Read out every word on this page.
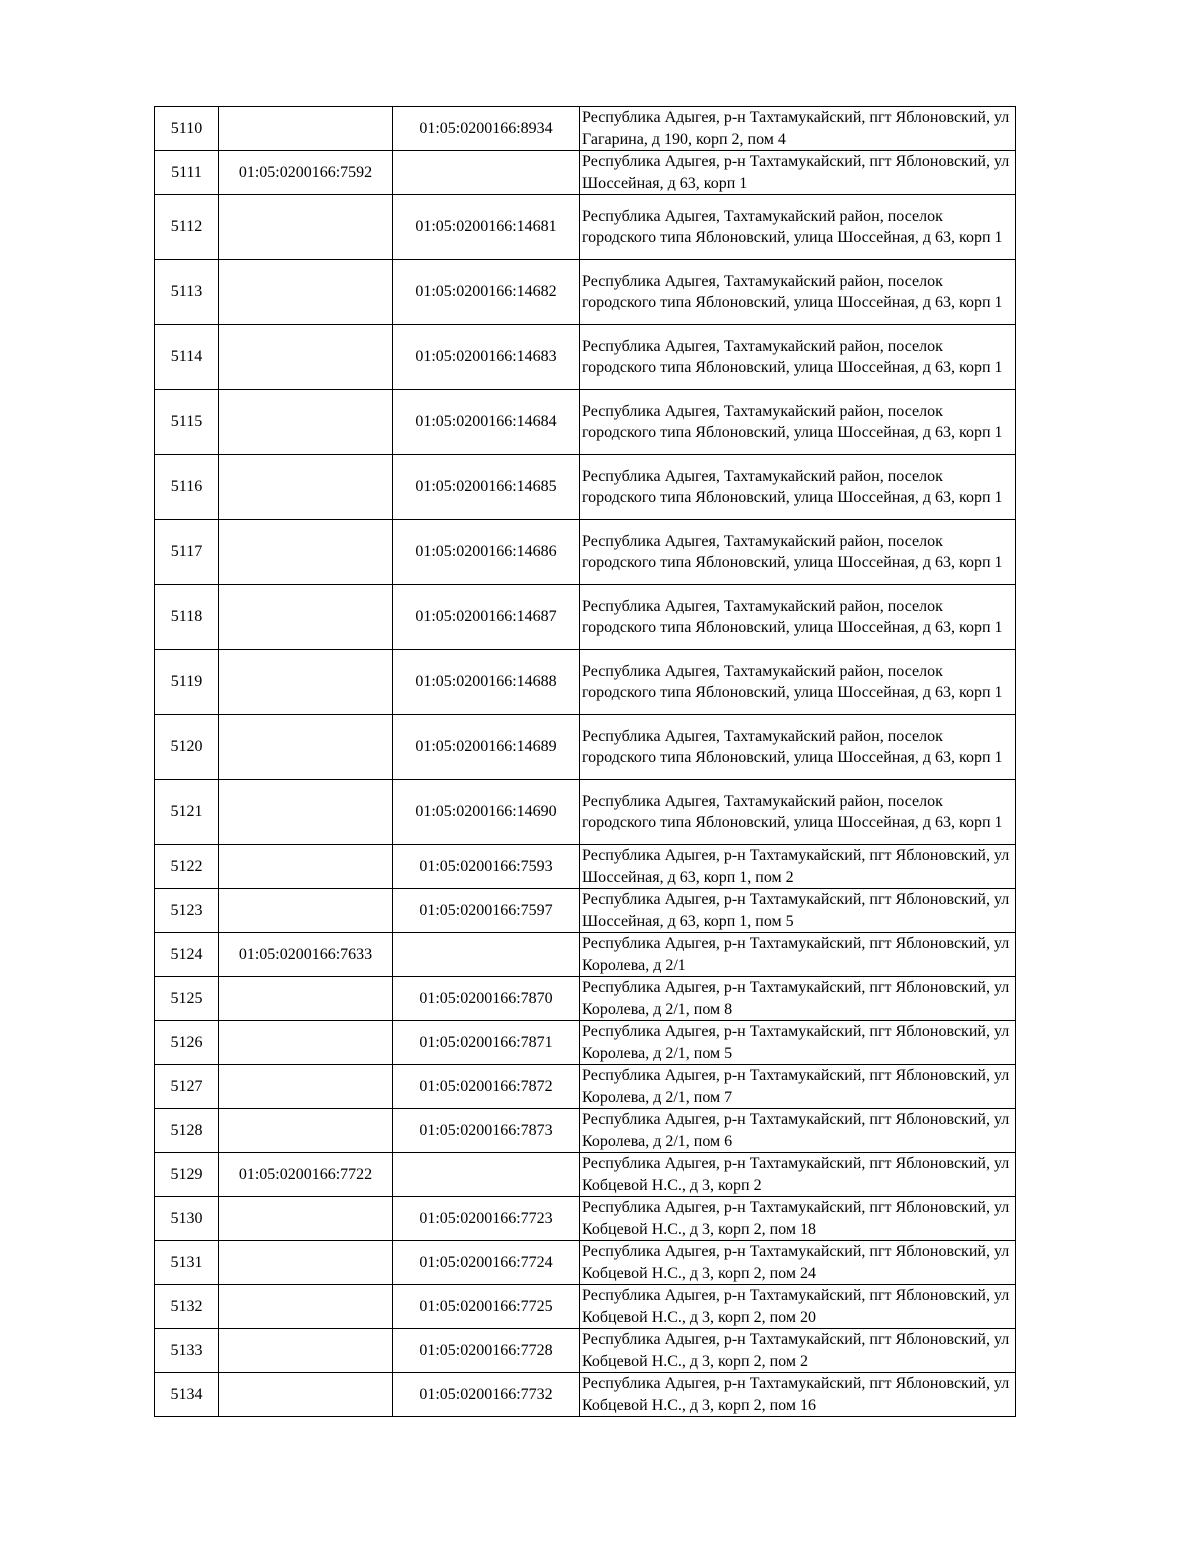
5110		01:05:0200166:8934	Республика Адыгея, р-н Тахтамукайский, пгт Яблоновский, ул Гагарина, д 190, корп 2, пом 4
5111	01:05:0200166:7592		Республика Адыгея, р-н Тахтамукайский, пгт Яблоновский, ул Шоссейная, д 63, корп 1
5112		01:05:0200166:14681	Республика Адыгея, Тахтамукайский район, поселок городского типа Яблоновский, улица Шоссейная, д 63, корп 1
5113		01:05:0200166:14682	Республика Адыгея, Тахтамукайский район, поселок городского типа Яблоновский, улица Шоссейная, д 63, корп 1
5114		01:05:0200166:14683	Республика Адыгея, Тахтамукайский район, поселок городского типа Яблоновский, улица Шоссейная, д 63, корп 1
5115		01:05:0200166:14684	Республика Адыгея, Тахтамукайский район, поселок городского типа Яблоновский, улица Шоссейная, д 63, корп 1
5116		01:05:0200166:14685	Республика Адыгея, Тахтамукайский район, поселок городского типа Яблоновский, улица Шоссейная, д 63, корп 1
5117		01:05:0200166:14686	Республика Адыгея, Тахтамукайский район, поселок городского типа Яблоновский, улица Шоссейная, д 63, корп 1
5118		01:05:0200166:14687	Республика Адыгея, Тахтамукайский район, поселок городского типа Яблоновский, улица Шоссейная, д 63, корп 1
5119		01:05:0200166:14688	Республика Адыгея, Тахтамукайский район, поселок городского типа Яблоновский, улица Шоссейная, д 63, корп 1
5120		01:05:0200166:14689	Республика Адыгея, Тахтамукайский район, поселок городского типа Яблоновский, улица Шоссейная, д 63, корп 1
5121		01:05:0200166:14690	Республика Адыгея, Тахтамукайский район, поселок городского типа Яблоновский, улица Шоссейная, д 63, корп 1
5122		01:05:0200166:7593	Республика Адыгея, р-н Тахтамукайский, пгт Яблоновский, ул Шоссейная, д 63, корп 1, пом 2
5123		01:05:0200166:7597	Республика Адыгея, р-н Тахтамукайский, пгт Яблоновский, ул Шоссейная, д 63, корп 1, пом 5
5124	01:05:0200166:7633		Республика Адыгея, р-н Тахтамукайский, пгт Яблоновский, ул Королева, д 2/1
5125		01:05:0200166:7870	Республика Адыгея, р-н Тахтамукайский, пгт Яблоновский, ул Королева, д 2/1, пом 8
5126		01:05:0200166:7871	Республика Адыгея, р-н Тахтамукайский, пгт Яблоновский, ул Королева, д 2/1, пом 5
5127		01:05:0200166:7872	Республика Адыгея, р-н Тахтамукайский, пгт Яблоновский, ул Королева, д 2/1, пом 7
5128		01:05:0200166:7873	Республика Адыгея, р-н Тахтамукайский, пгт Яблоновский, ул Королева, д 2/1, пом 6
5129	01:05:0200166:7722		Республика Адыгея, р-н Тахтамукайский, пгт Яблоновский, ул Кобцевой Н.С., д 3, корп 2
5130		01:05:0200166:7723	Республика Адыгея, р-н Тахтамукайский, пгт Яблоновский, ул Кобцевой Н.С., д 3, корп 2, пом 18
5131		01:05:0200166:7724	Республика Адыгея, р-н Тахтамукайский, пгт Яблоновский, ул Кобцевой Н.С., д 3, корп 2, пом 24
5132		01:05:0200166:7725	Республика Адыгея, р-н Тахтамукайский, пгт Яблоновский, ул Кобцевой Н.С., д 3, корп 2, пом 20
5133		01:05:0200166:7728	Республика Адыгея, р-н Тахтамукайский, пгт Яблоновский, ул Кобцевой Н.С., д 3, корп 2, пом 2
5134		01:05:0200166:7732	Республика Адыгея, р-н Тахтамукайский, пгт Яблоновский, ул Кобцевой Н.С., д 3, корп 2, пом 16
